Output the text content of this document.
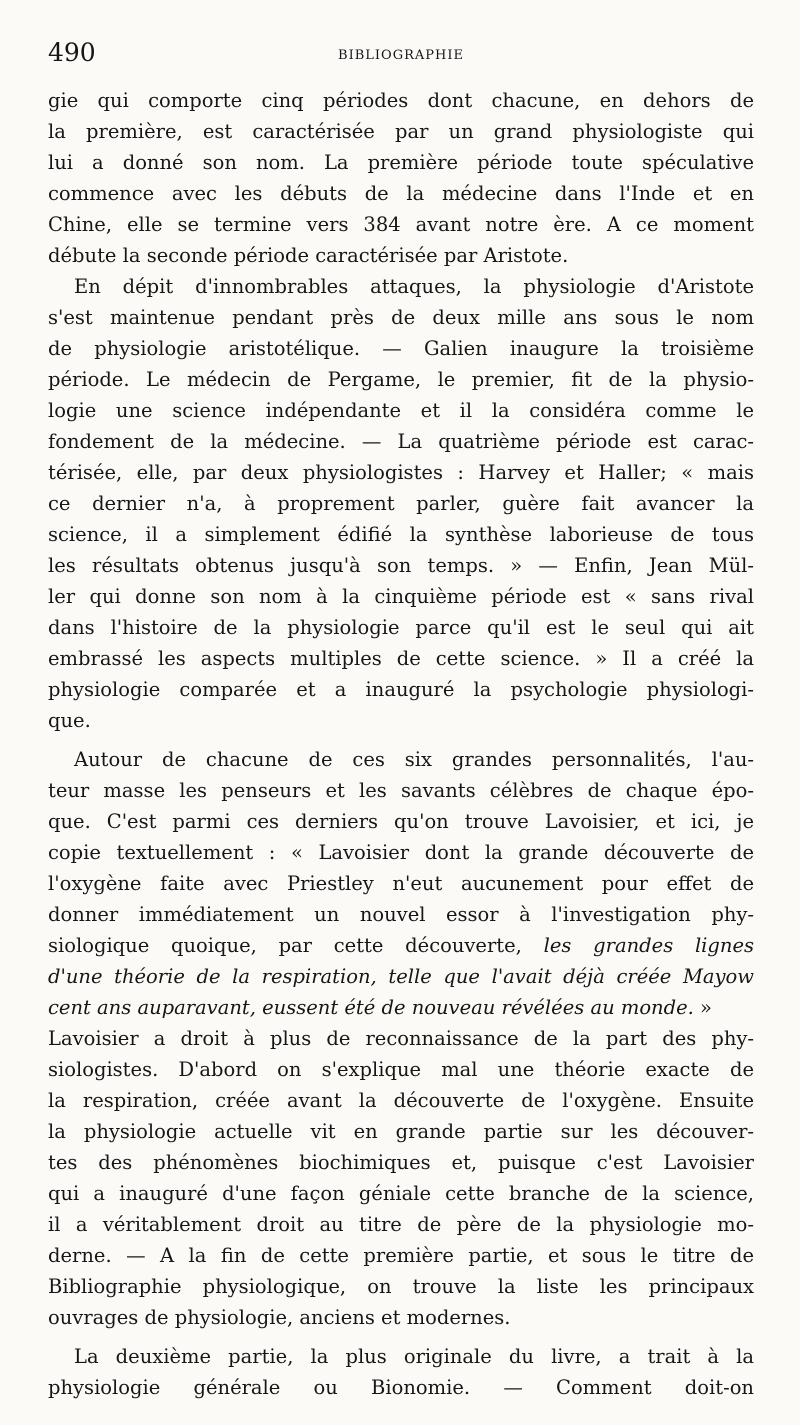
490	BIBLIOGRAPHIE
gie qui comporte cinq périodes dont chacune, en dehors de
la première, est caractérisée par un grand physiologiste qui
lui a donné son nom. La première période toute spéculative
commence avec les débuts de la médecine dans l'Inde et en
Chine, elle se termine vers 384 avant notre ère. A ce moment
débute la seconde période caractérisée par Aristote.
En dépit d'innombrables attaques, la physiologie d'Aristote
s'est maintenue pendant près de deux mille ans sous le nom
de physiologie aristotélique. — Galien inaugure la troisième
période. Le médecin de Pergame, le premier, fit de la physio-
logie une science indépendante et il la considéra comme le
fondement de la médecine. — La quatrième période est carac-
térisée, elle, par deux physiologistes : Harvey et Haller; « mais
ce dernier n'a, à proprement parler, guère fait avancer la
science, il a simplement édifié la synthèse laborieuse de tous
les résultats obtenus jusqu'à son temps. » — Enfin, Jean Mül-
ler qui donne son nom à la cinquième période est « sans rival
dans l'histoire de la physiologie parce qu'il est le seul qui ait
embrassé les aspects multiples de cette science. » Il a créé la
physiologie comparée et a inauguré la psychologie physiologi-
que.
Autour de chacune de ces six grandes personnalités, l'au-
teur masse les penseurs et les savants célèbres de chaque épo-
que. C'est parmi ces derniers qu'on trouve Lavoisier, et ici, je
copie textuellement : « Lavoisier dont la grande découverte de
l'oxygène faite avec Priestley n'eut aucunement pour effet de
donner immédiatement un nouvel essor à l'investigation phy-
siologique quoique, par cette découverte, les grandes lignes
d'une théorie de la respiration, telle que l'avait déjà créée Mayow
cent ans auparavant, eussent été de nouveau révélées au monde. »
Lavoisier a droit à plus de reconnaissance de la part des phy-
siologistes. D'abord on s'explique mal une théorie exacte de
la respiration, créée avant la découverte de l'oxygène. Ensuite
la physiologie actuelle vit en grande partie sur les découver-
tes des phénomènes biochimiques et, puisque c'est Lavoisier
qui a inauguré d'une façon géniale cette branche de la science,
il a véritablement droit au titre de père de la physiologie mo-
derne. — A la fin de cette première partie, et sous le titre de
Bibliographie physiologique, on trouve la liste les principaux
ouvrages de physiologie, anciens et modernes.
La deuxième partie, la plus originale du livre, a trait à la
physiologie générale ou Bionomie. — Comment doit-on
